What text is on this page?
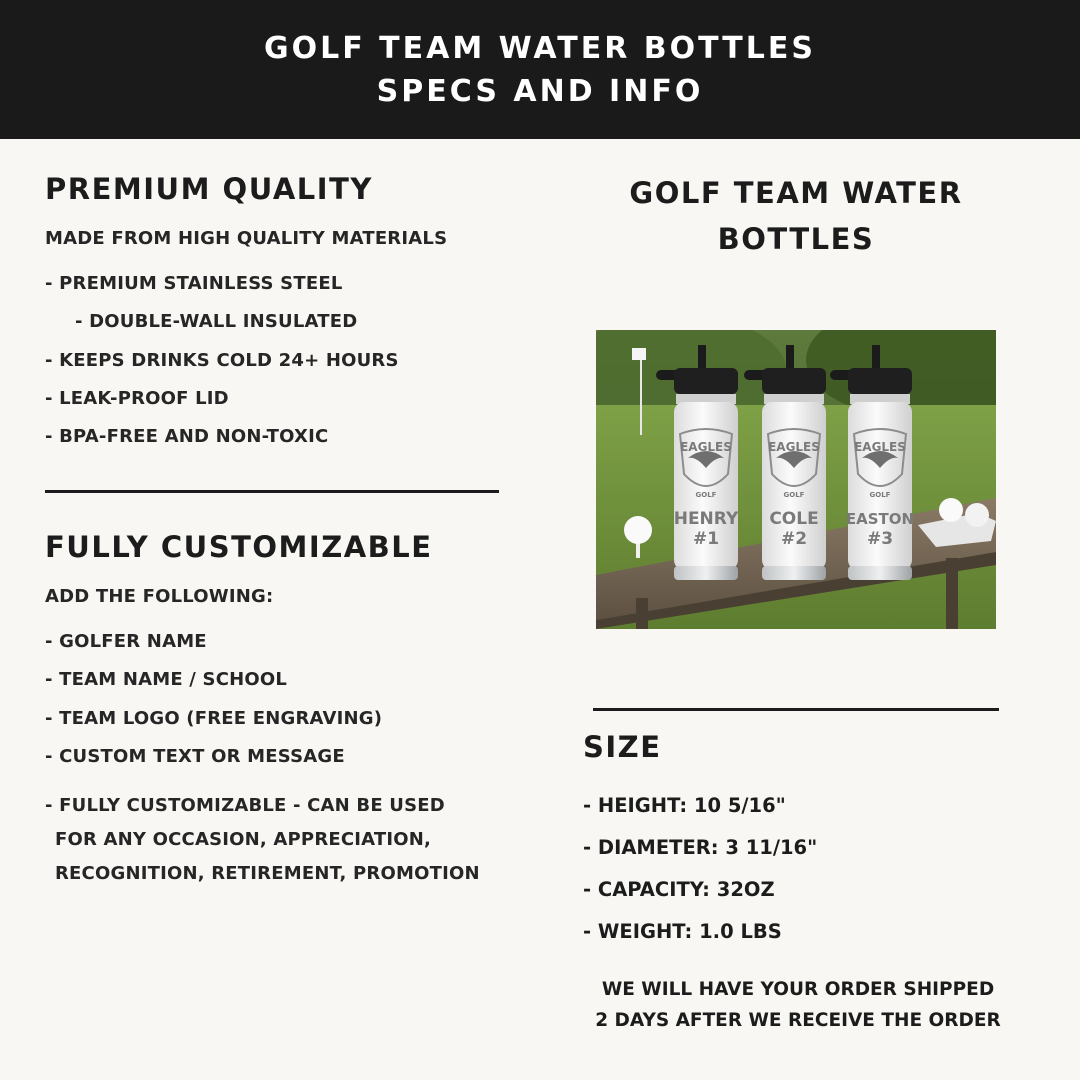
GOLF TEAM WATER BOTTLES
SPECS AND INFO
PREMIUM QUALITY
MADE FROM HIGH QUALITY MATERIALS
- PREMIUM STAINLESS STEEL
- DOUBLE-WALL INSULATED
- KEEPS DRINKS COLD 24+ HOURS
- LEAK-PROOF LID
- BPA-FREE AND NON-TOXIC
FULLY CUSTOMIZABLE
ADD THE FOLLOWING:
- GOLFER NAME
- TEAM NAME / SCHOOL
- TEAM LOGO (FREE ENGRAVING)
- CUSTOM TEXT OR MESSAGE
- FULLY CUSTOMIZABLE - CAN BE USED
FOR ANY OCCASION, APPRECIATION,
RECOGNITION, RETIREMENT, PROMOTION
GOLF TEAM WATER
BOTTLES
EAGLES
GOLF
HENRY
#1
EAGLES
GOLF
COLE
#2
EAGLES
GOLF
EASTON
#3
SIZE
- HEIGHT: 10 5/16"
- DIAMETER: 3 11/16"
- CAPACITY: 32OZ
- WEIGHT: 1.0 LBS
WE WILL HAVE YOUR ORDER SHIPPED
2 DAYS AFTER WE RECEIVE THE ORDER
